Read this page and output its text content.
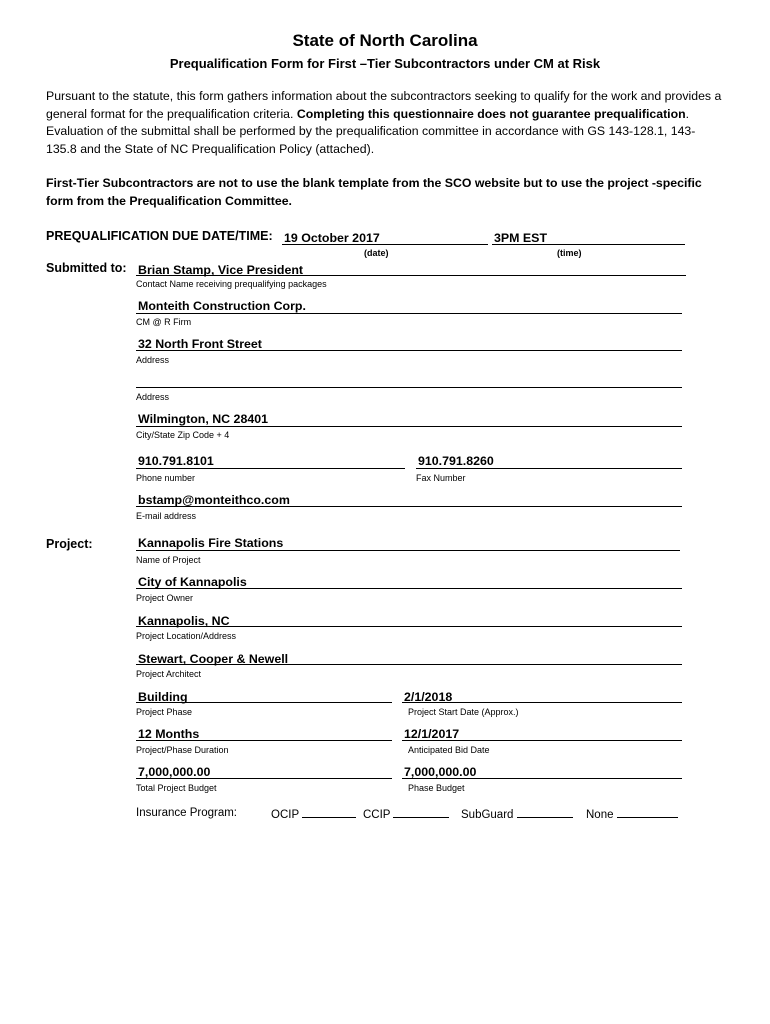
State of North Carolina
Prequalification Form for First –Tier Subcontractors under CM at Risk
Pursuant to the statute, this form gathers information about the subcontractors seeking to qualify for the work and provides a general format for the prequalification criteria. Completing this questionnaire does not guarantee prequalification. Evaluation of the submittal shall be performed by the prequalification committee in accordance with GS 143-128.1, 143-135.8 and the State of NC Prequalification Policy (attached).
First-Tier Subcontractors are not to use the blank template from the SCO website but to use the project -specific form from the Prequalification Committee.
PREQUALIFICATION DUE DATE/TIME: 19 October 2017	3PM EST
(date)	(time)
Submitted to: Brian Stamp, Vice President
Contact Name receiving prequalifying packages
Monteith Construction Corp.
CM @ R Firm
32 North Front Street
Address
Address
Wilmington, NC 28401
City/State Zip Code + 4
910.791.8101
Phone number
910.791.8260
Fax Number
bstamp@monteithco.com
E-mail address
Project:	Kannapolis Fire Stations
Name of Project
City of Kannapolis
Project Owner
Kannapolis, NC
Project Location/Address
Stewart, Cooper & Newell
Project Architect
Building
Project Phase
2/1/2018
Project Start Date (Approx.)
12 Months
Project/Phase Duration
12/1/2017
Anticipated Bid Date
7,000,000.00
Total Project Budget
7,000,000.00
Phase Budget
Insurance Program:	OCIP	CCIP	SubGuard	None
